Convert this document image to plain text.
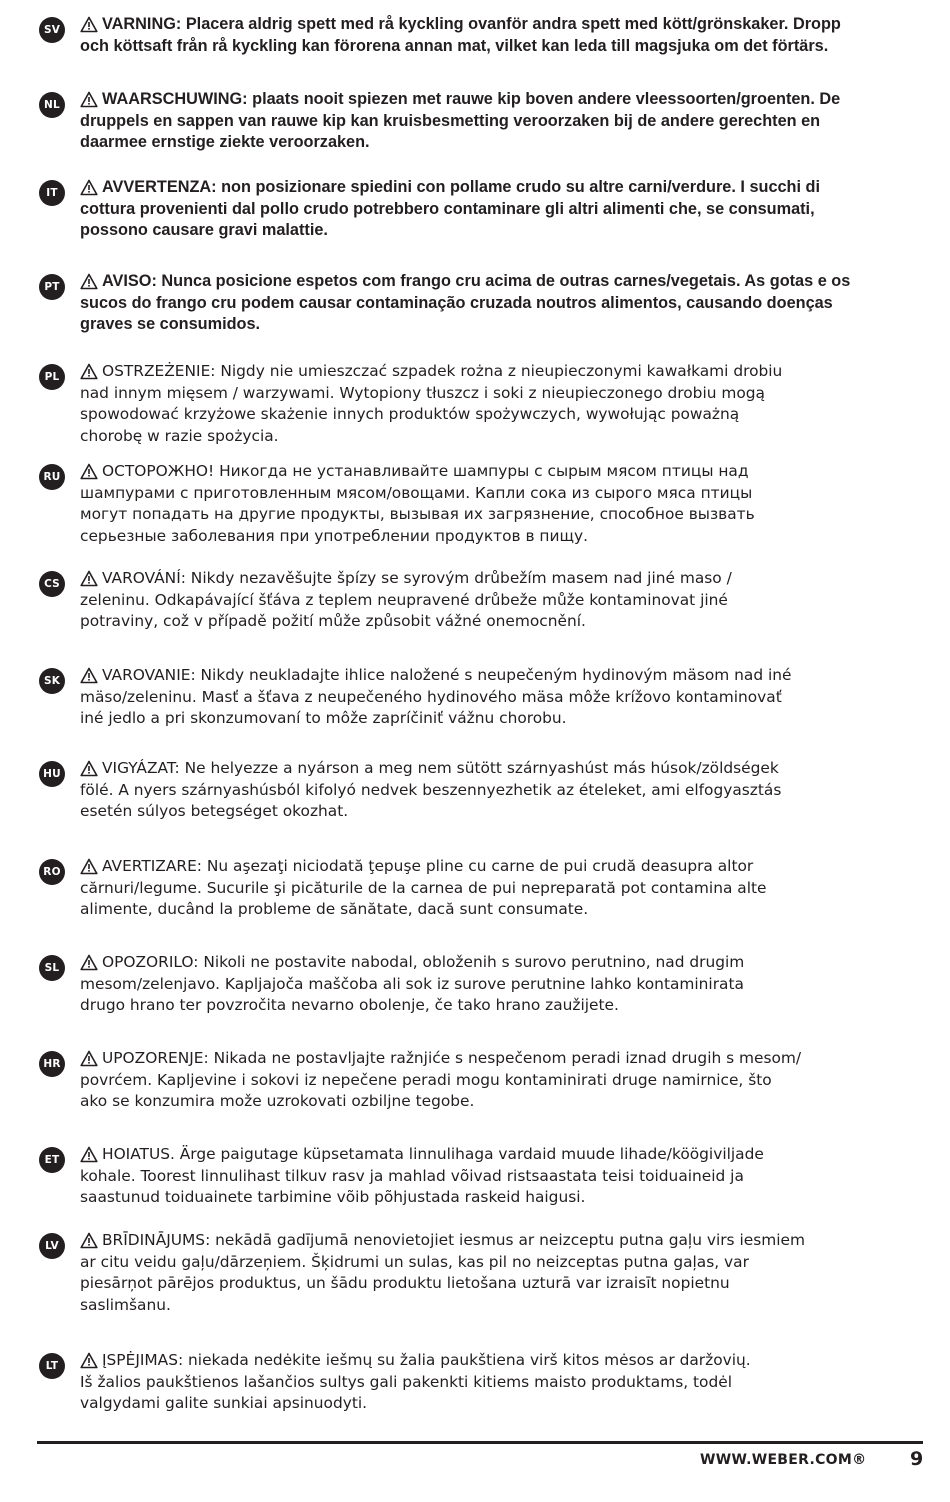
SV	VARNING: Placera aldrig spett med rå kyckling ovanför andra spett med kött/grönskaker. Dropp
och köttsaft från rå kyckling kan förorena annan mat, vilket kan leda till magsjuka om det förtärs.
NL	WAARSCHUWING: plaats nooit spiezen met rauwe kip boven andere vleessoorten/groenten. De
druppels en sappen van rauwe kip kan kruisbesmetting veroorzaken bij de andere gerechten en
daarmee ernstige ziekte veroorzaken.
IT	AVVERTENZA: non posizionare spiedini con pollame crudo su altre carni/verdure. I succhi di
cottura provenienti dal pollo crudo potrebbero contaminare gli altri alimenti che, se consumati,
possono causare gravi malattie.
PT	AVISO: Nunca posicione espetos com frango cru acima de outras carnes/vegetais. As gotas e os
sucos do frango cru podem causar contaminação cruzada noutros alimentos, causando doenças
graves se consumidos.
PL	OSTRZEŻENIE: Nigdy nie umieszczać szpadek rożna z nieupieczonymi kawałkami drobiu
nad innym mięsem / warzywami. Wytopiony tłuszcz i soki z nieupieczonego drobiu mogą
spowodować krzyżowe skażenie innych produktów spożywczych, wywołując poważną
chorobę w razie spożycia.
RU	ОСТОРОЖНО! Никогда не устанавливайте шампуры с сырым мясом птицы над
шампурами с приготовленным мясом/овощами. Капли сока из сырого мяса птицы
могут попадать на другие продукты, вызывая их загрязнение, способное вызвать
серьезные заболевания при употреблении продуктов в пищу.
CS	VAROVÁNÍ: Nikdy nezavěšujte špízy se syrovým drůbežím masem nad jiné maso /
zeleninu. Odkapávající šťáva z teplem neupravené drůbeže může kontaminovat jiné
potraviny, což v případě požití může způsobit vážné onemocnění.
SK	VAROVANIE: Nikdy neukladajte ihlice naložené s neupečeným hydinovým mäsom nad iné
mäso/zeleninu. Masť a šťava z neupečeného hydinového mäsa môže krížovo kontaminovať
iné jedlo a pri skonzumovaní to môže zapríčiniť vážnu chorobu.
HU	VIGYÁZAT: Ne helyezze a nyárson a meg nem sütött szárnyashúst más húsok/zöldségek
fölé. A nyers szárnyashúsból kifolyó nedvek beszennyezhetik az ételeket, ami elfogyasztás
esetén súlyos betegséget okozhat.
RO	AVERTIZARE: Nu aşezaţi niciodată ţepuşe pline cu carne de pui crudă deasupra altor
cărnuri/legume. Sucurile şi picăturile de la carnea de pui nepreparată pot contamina alte
alimente, ducând la probleme de sănătate, dacă sunt consumate.
SL	OPOZORILO: Nikoli ne postavite nabodal, obloženih s surovo perutnino, nad drugim
mesom/zelenjavo. Kapljajoča maščoba ali sok iz surove perutnine lahko kontaminirata
drugo hrano ter povzročita nevarno obolenje, če tako hrano zaužijete.
HR	UPOZORENJE: Nikada ne postavljajte ražnjiće s nespečenom peradi iznad drugih s mesom/
povrćem. Kapljevine i sokovi iz nepečene peradi mogu kontaminirati druge namirnice, što
ako se konzumira može uzrokovati ozbiljne tegobe.
ET	HOIATUS. Ärge paigutage küpsetamata linnulihaga vardaid muude lihade/köögiviljade
kohale. Toorest linnulihast tilkuv rasv ja mahlad võivad ristsaastata teisi toiduaineid ja
saastunud toiduainete tarbimine võib põhjustada raskeid haigusi.
LV	BRĪDINĀJUMS: nekādā gadījumā nenovietojiet iesmus ar neizceptu putna gaļu virs iesmiem
ar citu veidu gaļu/dārzeņiem. Šķidrumi un sulas, kas pil no neizceptas putna gaļas, var
piesārņot pārējos produktus, un šādu produktu lietošana uzturā var izraisīt nopietnu
saslimšanu.
LT	ĮSPĖJIMAS: niekada nedėkite iešmų su žalia paukštiena virš kitos mėsos ar daržovių.
Iš žalios paukštienos lašančios sultys gali pakenkti kitiems maisto produktams, todėl
valgydami galite sunkiai apsinuodyti.
WWW.WEBER.COM® 9
